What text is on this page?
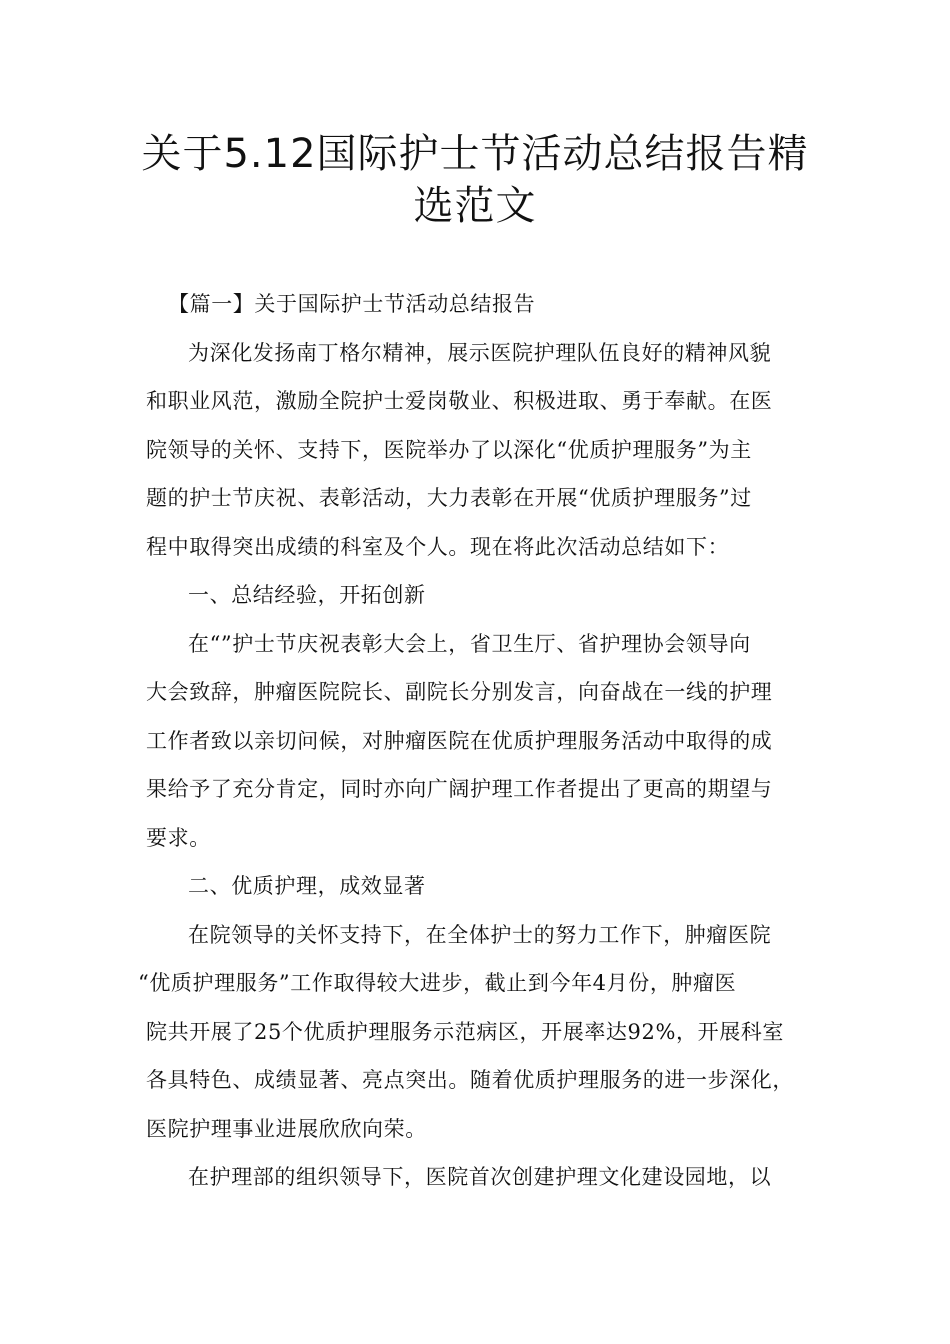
关于5.12国际护士节活动总结报告精
选范文
【篇一】关于国际护士节活动总结报告
为深化发扬南丁格尔精神，展示医院护理队伍良好的精神风貌
和职业风范，激励全院护士爱岗敬业、积极进取、勇于奉献。在医
院领导的关怀、支持下，医院举办了以深化“优质护理服务”为主
题的护士节庆祝、表彰活动，大力表彰在开展“优质护理服务”过
程中取得突出成绩的科室及个人。现在将此次活动总结如下：
一、总结经验，开拓创新
在“”护士节庆祝表彰大会上，省卫生厅、省护理协会领导向
大会致辞，肿瘤医院院长、副院长分别发言，向奋战在一线的护理
工作者致以亲切问候，对肿瘤医院在优质护理服务活动中取得的成
果给予了充分肯定，同时亦向广阔护理工作者提出了更高的期望与
要求。
二、优质护理，成效显著
在院领导的关怀支持下，在全体护士的努力工作下，肿瘤医院
“优质护理服务”工作取得较大进步，截止到今年4月份，肿瘤医
院共开展了25个优质护理服务示范病区，开展率达92%，开展科室
各具特色、成绩显著、亮点突出。随着优质护理服务的进一步深化，
医院护理事业进展欣欣向荣。
在护理部的组织领导下，医院首次创建护理文化建设园地，以
